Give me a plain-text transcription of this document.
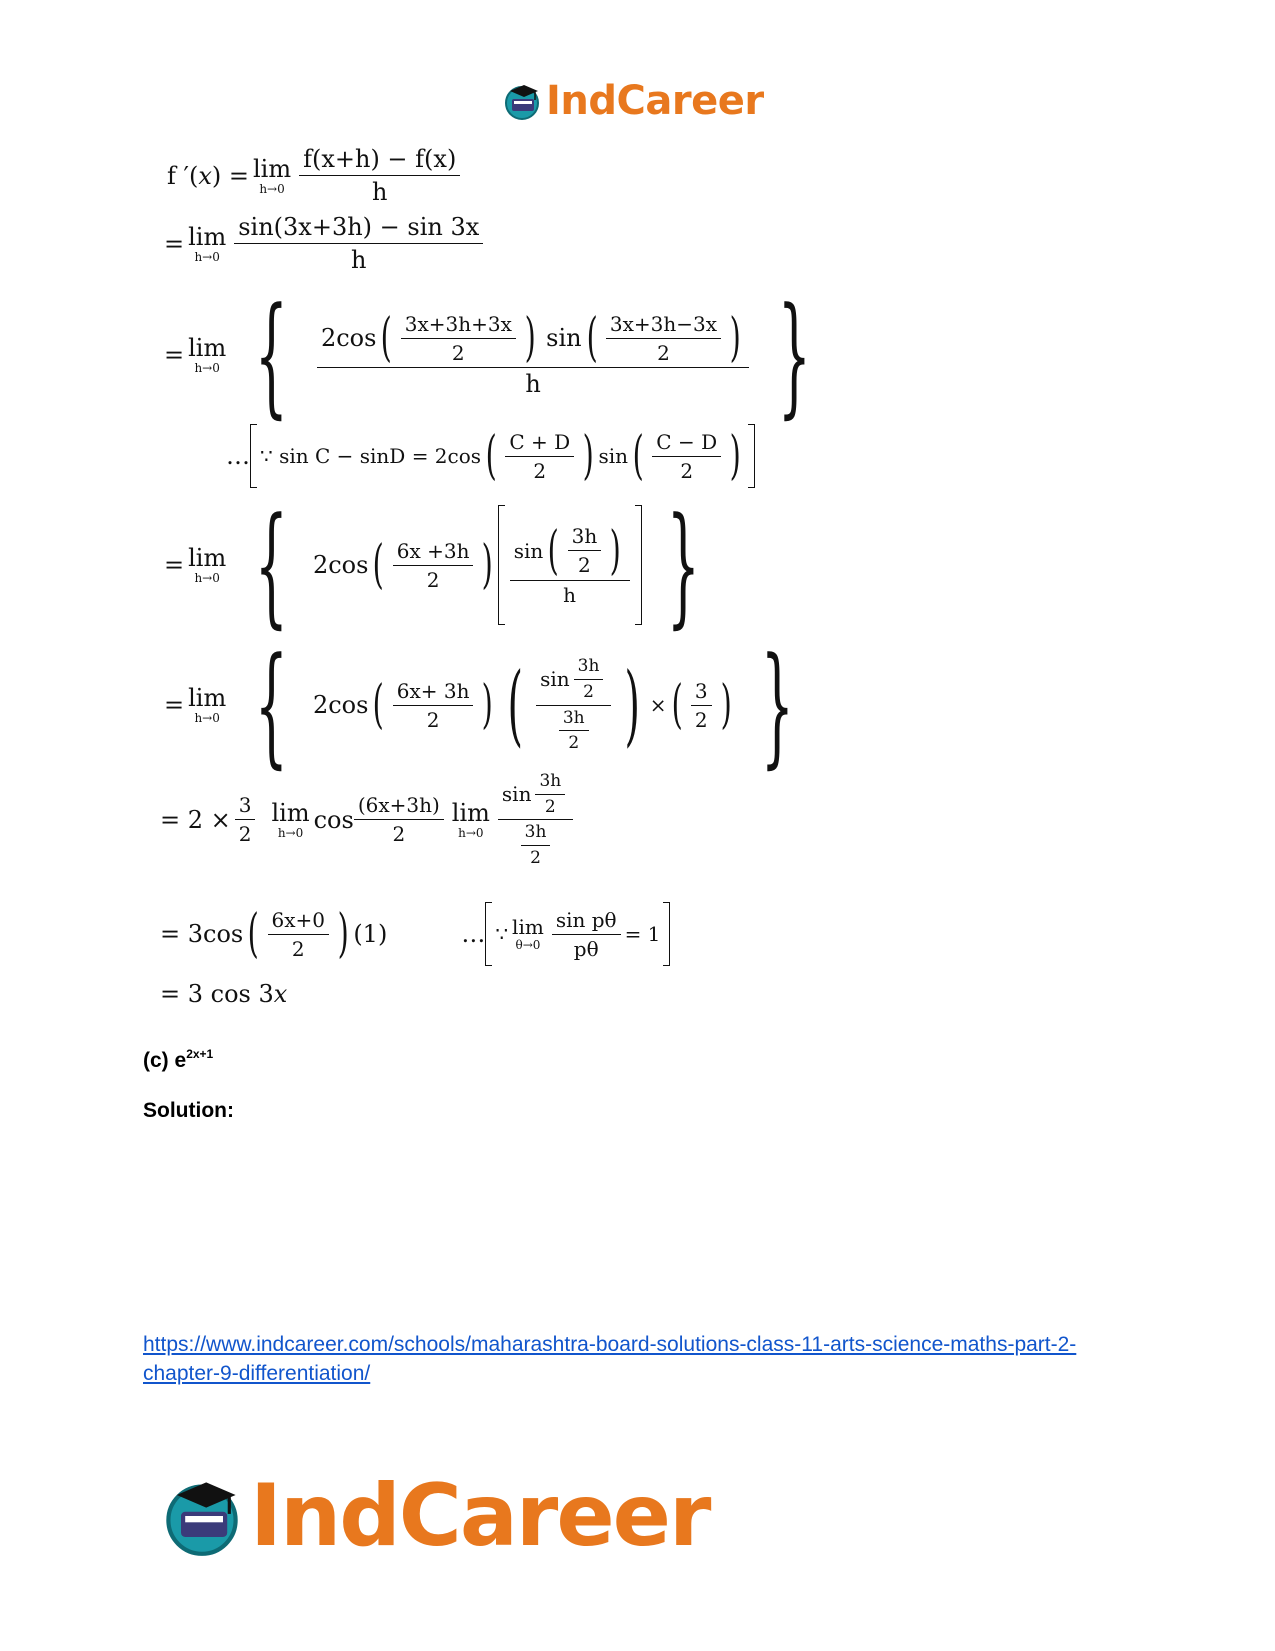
IndCareer
f ′( x ) = lim
$h\to 0 \frac{f(x+h) - f(x)}{h}$
= lim
$h\to 0 \frac{\sin(3x+3h) - \sin 3x}{h}$
= lim
h→0 { 2cos ( $\frac{3x+3h+3x}{2}$ ) sin ( $\frac{3x+3h-3x}{2}$ )
h }
… ∵ sin C − sinD = 2cos ( $\frac{C + D}{2}$ ) sin ( $\frac{C - D}{2}$ )
= lim
h→0 { 2cos ( $\frac{6x +3h}{2}$ ) $\frac{\sin ( \frac{3h}{2} )}{h}$ }
= lim
h→0 { 2cos ( $\frac{6x+ 3h}{2}$ ) ( $\frac{\sin \frac{3h}{2}}{\frac{3h}{2}}$ ) × ( $\frac{3}{2}$ ) }
= $2 \times \frac{3}{2}$ lim
h→0 $\cos \frac{(6x+3h)}{2}$ lim
$h\to 0 \frac{\sin \frac{3h}{2}}{\frac{3h}{2}}$
= 3cos ( $\frac{6x+0}{2}$ ) (1)	… ∵ lim
$\theta\to 0 \frac{\text{sin pθ}}{p\theta} = 1$
= 3 cos 3 x
(c) $e^{2x+1}$
Solution:
https://www.indcareer.com/schools/maharashtra-board-solutions-class-11-arts-science-maths-part-2-chapter-9-differentiation/
IndCareer
